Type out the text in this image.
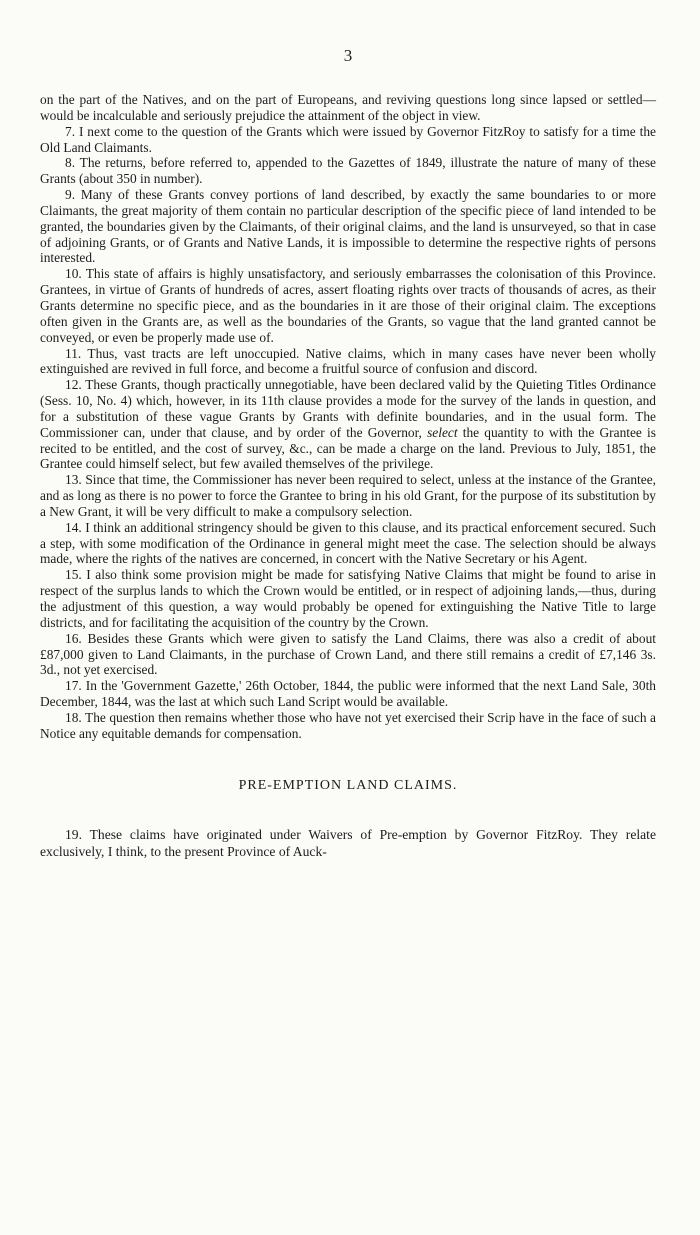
3

on the part of the Natives, and on the part of Europeans, and reviving questions long since lapsed or settled—would be incalculable and seriously prejudice the attainment of the object in view.

7. I next come to the question of the Grants which were issued by Governor FitzRoy to satisfy for a time the Old Land Claimants.

8. The returns, before referred to, appended to the Gazettes of 1849, illustrate the nature of many of these Grants (about 350 in number).

9. Many of these Grants convey portions of land described, by exactly the same boundaries to or more Claimants, the great majority of them contain no particular description of the specific piece of land intended to be granted, the boundaries given by the Claimants, of their original claims, and the land is unsurveyed, so that in case of adjoining Grants, or of Grants and Native Lands, it is impossible to determine the respective rights of persons interested.

10. This state of affairs is highly unsatisfactory, and seriously embarrasses the colonisation of this Province. Grantees, in virtue of Grants of hundreds of acres, assert floating rights over tracts of thousands of acres, as their Grants determine no specific piece, and as the boundaries in it are those of their original claim. The exceptions often given in the Grants are, as well as the boundaries of the Grants, so vague that the land granted cannot be conveyed, or even be properly made use of.

11. Thus, vast tracts are left unoccupied. Native claims, which in many cases have never been wholly extinguished are revived in full force, and become a fruitful source of confusion and discord.

12. These Grants, though practically unnegotiable, have been declared valid by the Quieting Titles Ordinance (Sess. 10, No. 4) which, however, in its 11th clause provides a mode for the survey of the lands in question, and for a substitution of these vague Grants by Grants with definite boundaries, and in the usual form. The Commissioner can, under that clause, and by order of the Governor, select the quantity to with the Grantee is recited to be entitled, and the cost of survey, &c., can be made a charge on the land. Previous to July, 1851, the Grantee could himself select, but few availed themselves of the privilege.

13. Since that time, the Commissioner has never been required to select, unless at the instance of the Grantee, and as long as there is no power to force the Grantee to bring in his old Grant, for the purpose of its substitution by a New Grant, it will be very difficult to make a compulsory selection.

14. I think an additional stringency should be given to this clause, and its practical enforcement secured. Such a step, with some modification of the Ordinance in general might meet the case. The selection should be always made, where the rights of the natives are concerned, in concert with the Native Secretary or his Agent.

15. I also think some provision might be made for satisfying Native Claims that might be found to arise in respect of the surplus lands to which the Crown would be entitled, or in respect of adjoining lands,—thus, during the adjustment of this question, a way would probably be opened for extinguishing the Native Title to large districts, and for facilitating the acquisition of the country by the Crown.

16. Besides these Grants which were given to satisfy the Land Claims, there was also a credit of about £87,000 given to Land Claimants, in the purchase of Crown Land, and there still remains a credit of £7,146 3s. 3d., not yet exercised.

17. In the 'Government Gazette,' 26th October, 1844, the public were informed that the next Land Sale, 30th December, 1844, was the last at which such Land Script would be available.

18. The question then remains whether those who have not yet exercised their Scrip have in the face of such a Notice any equitable demands for compensation.

PRE-EMPTION LAND CLAIMS.

19. These claims have originated under Waivers of Pre-emption by Governor FitzRoy. They relate exclusively, I think, to the present Province of Auck-
